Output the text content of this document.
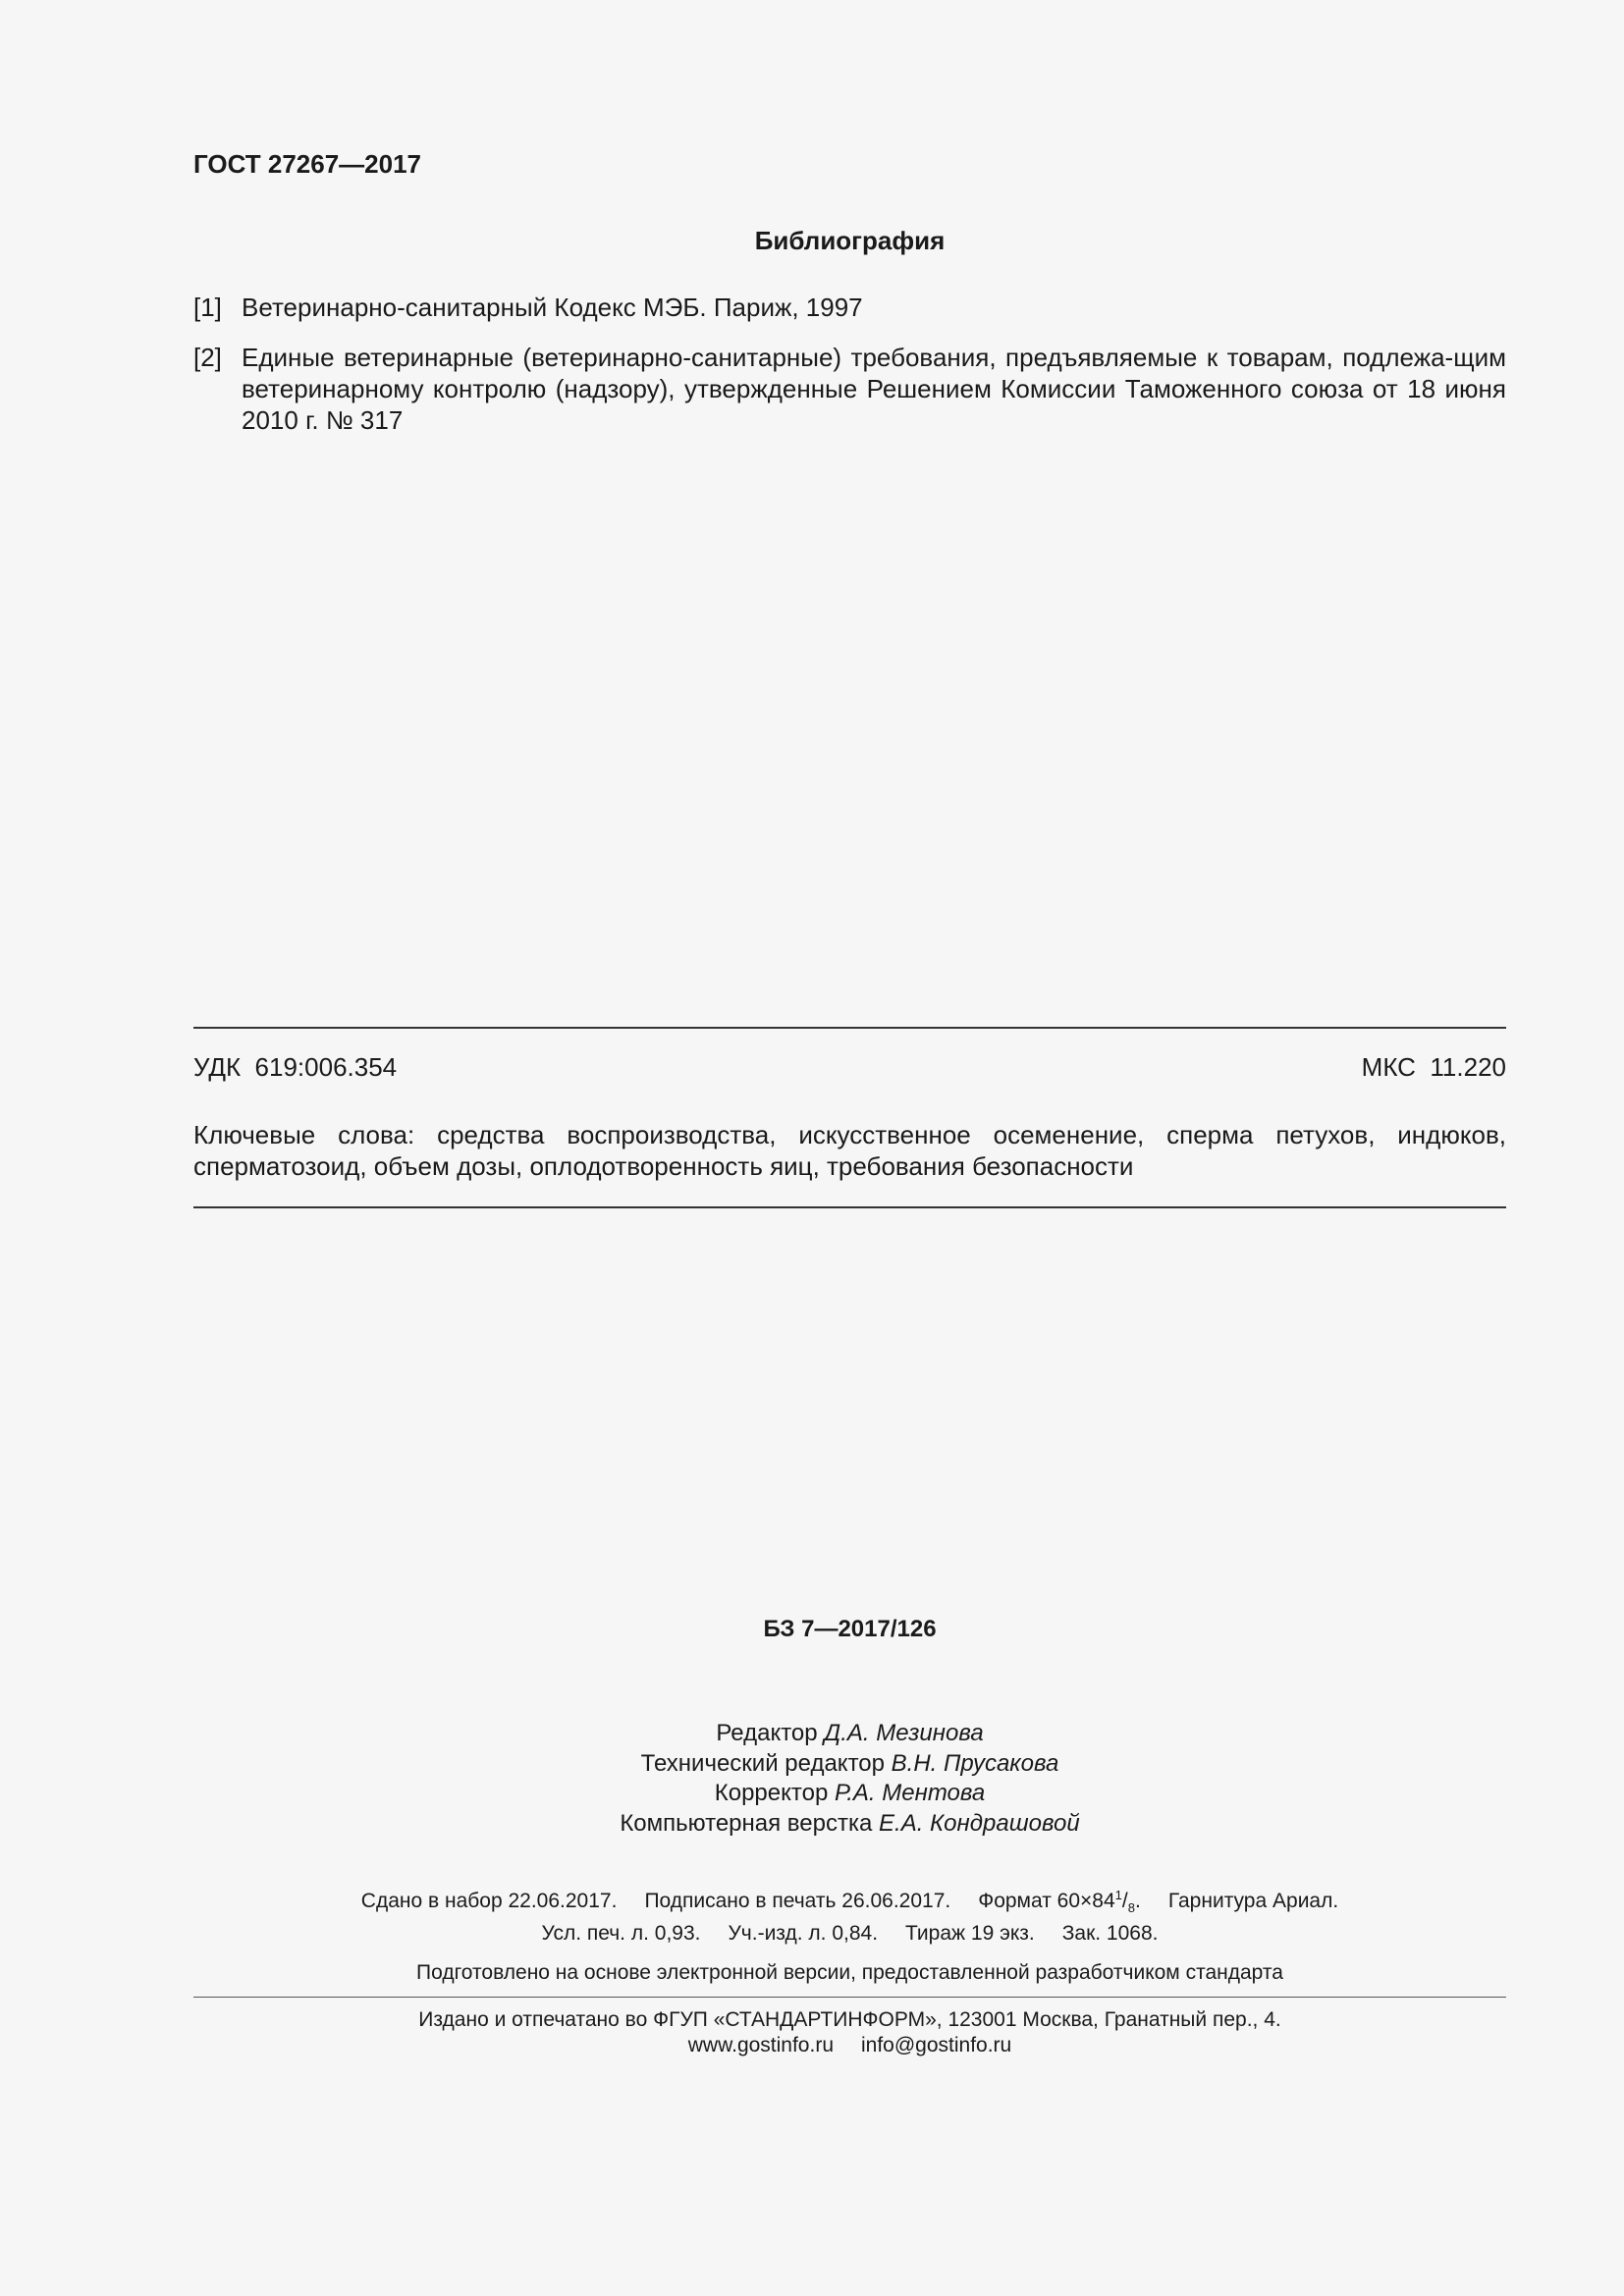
ГОСТ 27267—2017
Библиография
[1] Ветеринарно-санитарный Кодекс МЭБ. Париж, 1997
[2] Единые ветеринарные (ветеринарно-санитарные) требования, предъявляемые к товарам, подлежа-щим ветеринарному контролю (надзору), утвержденные Решением Комиссии Таможенного союза от 18 июня 2010 г. № 317
УДК  619:006.354	МКС  11.220
Ключевые слова: средства воспроизводства, искусственное осеменение, сперма петухов, индюков, сперматозоид, объем дозы, оплодотворенность яиц, требования безопасности
БЗ 7—2017/126
Редактор Д.А. Мезинова
Технический редактор В.Н. Прусакова
Корректор Р.А. Ментова
Компьютерная верстка Е.А. Кондрашовой
Сдано в набор 22.06.2017. Подписано в печать 26.06.2017. Формат $60\times 84^1/_8$. Гарнитура Ариал.
Усл. печ. л. 0,93. Уч.-изд. л. 0,84. Тираж 19 экз. Зак. 1068.
Подготовлено на основе электронной версии, предоставленной разработчиком стандарта
Издано и отпечатано во ФГУП «СТАНДАРТИНФОРМ», 123001 Москва, Гранатный пер., 4.
www.gostinfo.ru info@gostinfo.ru
